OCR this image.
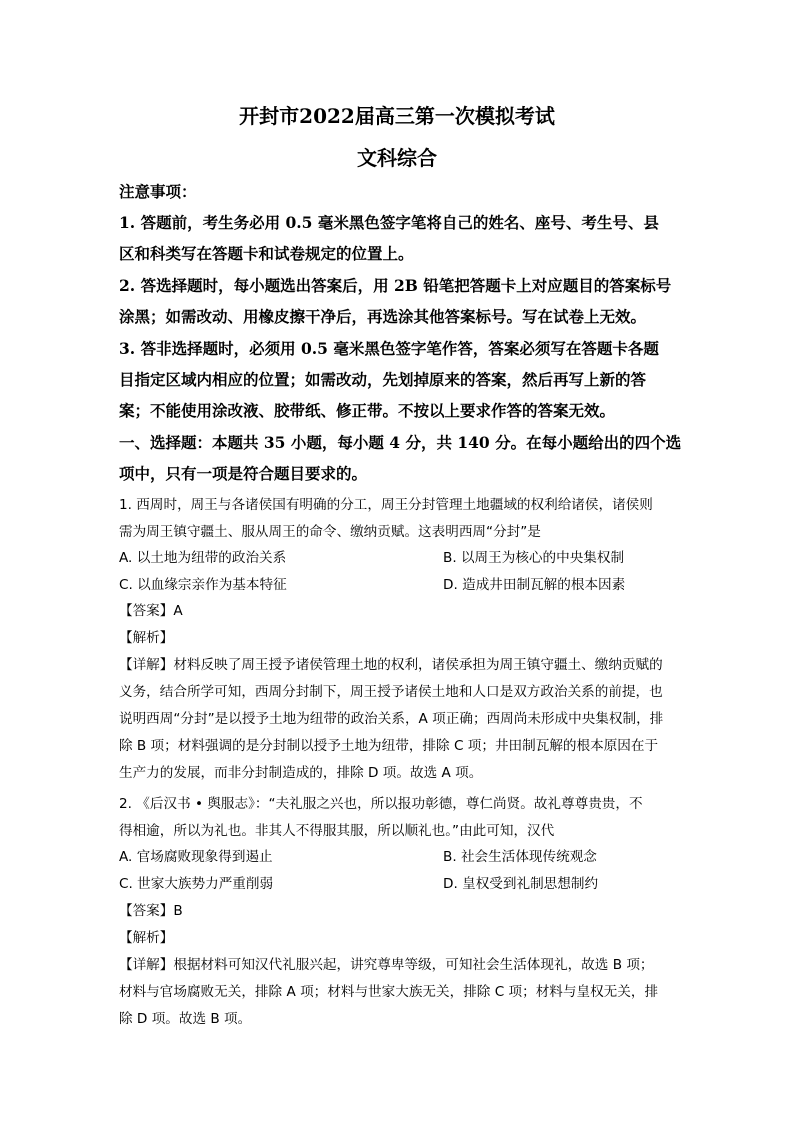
开封市2022届高三第一次模拟考试
文科综合
注意事项：
1. 答题前，考生务必用 0.5 毫米黑色签字笔将自己的姓名、座号、考生号、县
区和科类写在答题卡和试卷规定的位置上。
2. 答选择题时，每小题选出答案后，用 2B 铅笔把答题卡上对应题目的答案标号
涂黑；如需改动、用橡皮擦干净后，再选涂其他答案标号。写在试卷上无效。
3. 答非选择题时，必须用 0.5 毫米黑色签字笔作答，答案必须写在答题卡各题
目指定区域内相应的位置；如需改动，先划掉原来的答案，然后再写上新的答
案；不能使用涂改液、胶带纸、修正带。不按以上要求作答的答案无效。
一、选择题：本题共 35 小题，每小题 4 分，共 140 分。在每小题给出的四个选
项中，只有一项是符合题目要求的。
1. 西周时，周王与各诸侯国有明确的分工，周王分封管理土地疆域的权利给诸侯，诸侯则
需为周王镇守疆土、服从周王的命令、缴纳贡赋。这表明西周“分封”是
A. 以土地为纽带的政治关系	B. 以周王为核心的中央集权制
C. 以血缘宗亲作为基本特征	D. 造成井田制瓦解的根本因素
【答案】A
【解析】
【详解】材料反映了周王授予诸侯管理土地的权利，诸侯承担为周王镇守疆土、缴纳贡赋的
义务，结合所学可知，西周分封制下，周王授予诸侯土地和人口是双方政治关系的前提，也
说明西周“分封”是以授予土地为纽带的政治关系，A 项正确；西周尚未形成中央集权制，排
除 B 项；材料强调的是分封制以授予土地为纽带，排除 C 项；井田制瓦解的根本原因在于
生产力的发展，而非分封制造成的，排除 D 项。故选 A 项。
2. 《后汉书 • 舆服志》：“夫礼服之兴也，所以报功彰德，尊仁尚贤。故礼尊尊贵贵，不
得相逾，所以为礼也。非其人不得服其服，所以顺礼也。”由此可知，汉代
A. 官场腐败现象得到遏止	B. 社会生活体现传统观念
C. 世家大族势力严重削弱	D. 皇权受到礼制思想制约
【答案】B
【解析】
【详解】根据材料可知汉代礼服兴起，讲究尊卑等级，可知社会生活体现礼，故选 B 项；
材料与官场腐败无关，排除 A 项；材料与世家大族无关，排除 C 项；材料与皇权无关，排
除 D 项。故选 B 项。
